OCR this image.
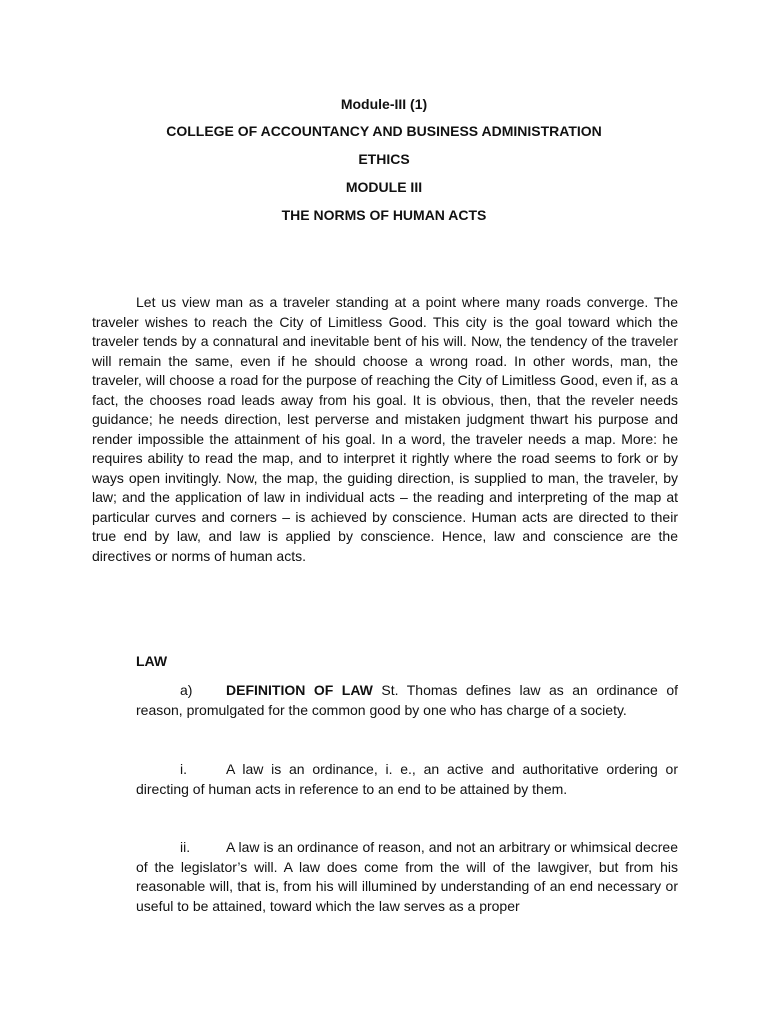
Module-III (1)
COLLEGE OF ACCOUNTANCY AND BUSINESS ADMINISTRATION
ETHICS
MODULE III
THE NORMS OF HUMAN ACTS

Let us view man as a traveler standing at a point where many roads converge. The traveler wishes to reach the City of Limitless Good. This city is the goal toward which the traveler tends by a connatural and inevitable bent of his will. Now, the tendency of the traveler will remain the same, even if he should choose a wrong road. In other words, man, the traveler, will choose a road for the purpose of reaching the City of Limitless Good, even if, as a fact, the chooses road leads away from his goal. It is obvious, then, that the reveler needs guidance; he needs direction, lest perverse and mistaken judgment thwart his purpose and render impossible the attainment of his goal. In a word, the traveler needs a map. More: he requires ability to read the map, and to interpret it rightly where the road seems to fork or by ways open invitingly. Now, the map, the guiding direction, is supplied to man, the traveler, by law; and the application of law in individual acts – the reading and interpreting of the map at particular curves and corners – is achieved by conscience. Human acts are directed to their true end by law, and law is applied by conscience. Hence, law and conscience are the directives or norms of human acts.

LAW

a) DEFINITION OF LAW St. Thomas defines law as an ordinance of reason, promulgated for the common good by one who has charge of a society.

i.	A law is an ordinance, i. e., an active and authoritative ordering or directing of human acts in reference to an end to be attained by them.

ii.	A law is an ordinance of reason, and not an arbitrary or whimsical decree of the legislator’s will. A law does come from the will of the lawgiver, but from his reasonable will, that is, from his will illumined by understanding of an end necessary or useful to be attained, toward which the law serves as a proper
